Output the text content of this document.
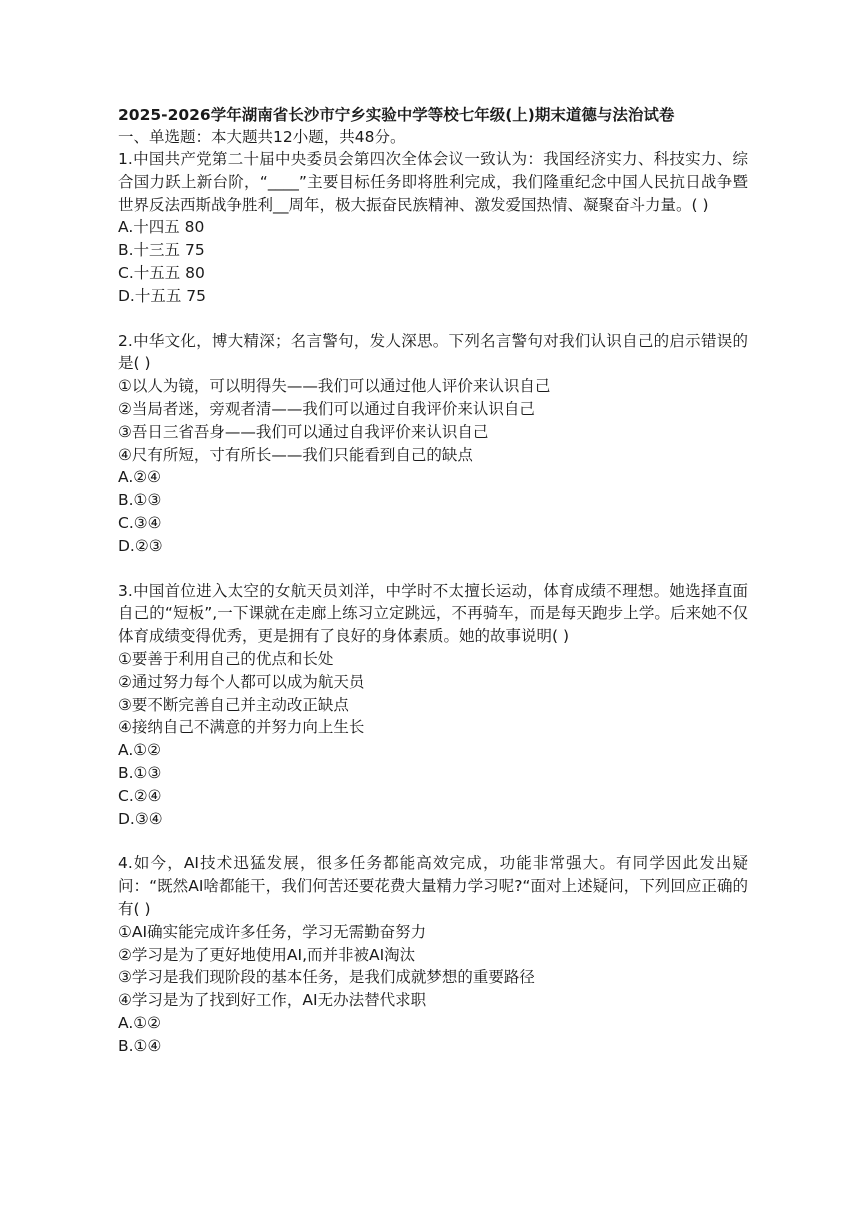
2025-2026学年湖南省长沙市宁乡实验中学等校七年级(上)期末道德与法治试卷

一、单选题：本大题共12小题，共48分。

1.中国共产党第二十届中央委员会第四次全体会议一致认为：我国经济实力、科技实力、综合国力跃上新台阶，“____”主要目标任务即将胜利完成，我们隆重纪念中国人民抗日战争暨世界反法西斯战争胜利__周年，极大振奋民族精神、激发爱国热情、凝聚奋斗力量。( )

A.十四五 80

B.十三五 75

C.十五五 80

D.十五五 75

2.中华文化，博大精深；名言警句，发人深思。下列名言警句对我们认识自己的启示错误的是( )

①以人为镜，可以明得失——我们可以通过他人评价来认识自己

②当局者迷，旁观者清——我们可以通过自我评价来认识自己

③吾日三省吾身——我们可以通过自我评价来认识自己

④尺有所短，寸有所长——我们只能看到自己的缺点

A.②④

B.①③

C.③④

D.②③

3.中国首位进入太空的女航天员刘洋，中学时不太擅长运动，体育成绩不理想。她选择直面自己的“短板”,一下课就在走廊上练习立定跳远，不再骑车，而是每天跑步上学。后来她不仅体育成绩变得优秀，更是拥有了良好的身体素质。她的故事说明( )

①要善于利用自己的优点和长处

②通过努力每个人都可以成为航天员

③要不断完善自己并主动改正缺点

④接纳自己不满意的并努力向上生长

A.①②

B.①③

C.②④

D.③④

4.如今，AI技术迅猛发展，很多任务都能高效完成，功能非常强大。有同学因此发出疑问：“既然AI啥都能干，我们何苦还要花费大量精力学习呢?“面对上述疑问，下列回应正确的有( )

①AI确实能完成许多任务，学习无需勤奋努力

②学习是为了更好地使用AI,而并非被AI淘汰

③学习是我们现阶段的基本任务，是我们成就梦想的重要路径

④学习是为了找到好工作，AI无办法替代求职

A.①②

B.①④
